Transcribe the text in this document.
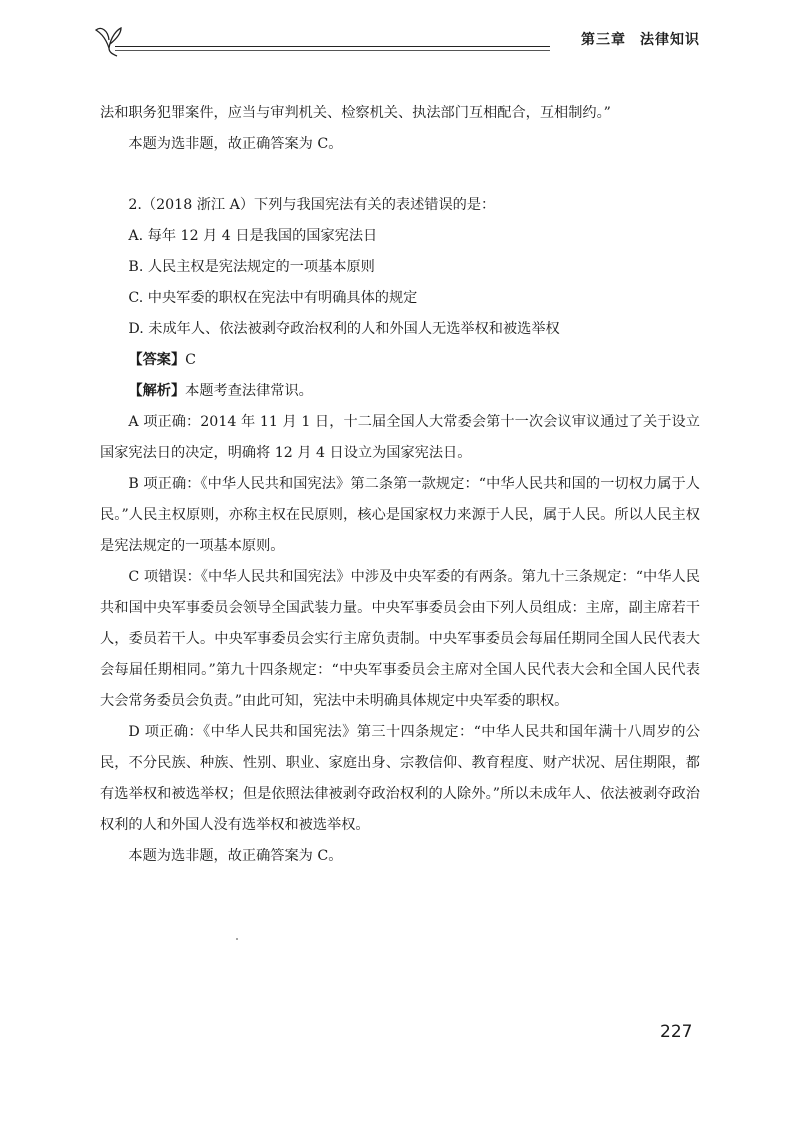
第三章 法律知识

法和职务犯罪案件，应当与审判机关、检察机关、执法部门互相配合，互相制约。”

本题为选非题，故正确答案为 C。

2.（2018 浙江 A）下列与我国宪法有关的表述错误的是：

A. 每年 12 月 4 日是我国的国家宪法日

B. 人民主权是宪法规定的一项基本原则

C. 中央军委的职权在宪法中有明确具体的规定

D. 未成年人、依法被剥夺政治权利的人和外国人无选举权和被选举权

【答案】C

【解析】本题考查法律常识。

A 项正确：2014 年 11 月 1 日，十二届全国人大常委会第十一次会议审议通过了关于设立国家宪法日的决定，明确将 12 月 4 日设立为国家宪法日。

B 项正确：《中华人民共和国宪法》第二条第一款规定：“中华人民共和国的一切权力属于人民。”人民主权原则，亦称主权在民原则，核心是国家权力来源于人民，属于人民。所以人民主权是宪法规定的一项基本原则。

C 项错误：《中华人民共和国宪法》中涉及中央军委的有两条。第九十三条规定：“中华人民共和国中央军事委员会领导全国武装力量。中央军事委员会由下列人员组成：主席，副主席若干人，委员若干人。中央军事委员会实行主席负责制。中央军事委员会每届任期同全国人民代表大会每届任期相同。”第九十四条规定：“中央军事委员会主席对全国人民代表大会和全国人民代表大会常务委员会负责。”由此可知，宪法中未明确具体规定中央军委的职权。

D 项正确：《中华人民共和国宪法》第三十四条规定：“中华人民共和国年满十八周岁的公民，不分民族、种族、性别、职业、家庭出身、宗教信仰、教育程度、财产状况、居住期限，都有选举权和被选举权；但是依照法律被剥夺政治权利的人除外。”所以未成年人、依法被剥夺政治权利的人和外国人没有选举权和被选举权。

本题为选非题，故正确答案为 C。

227
